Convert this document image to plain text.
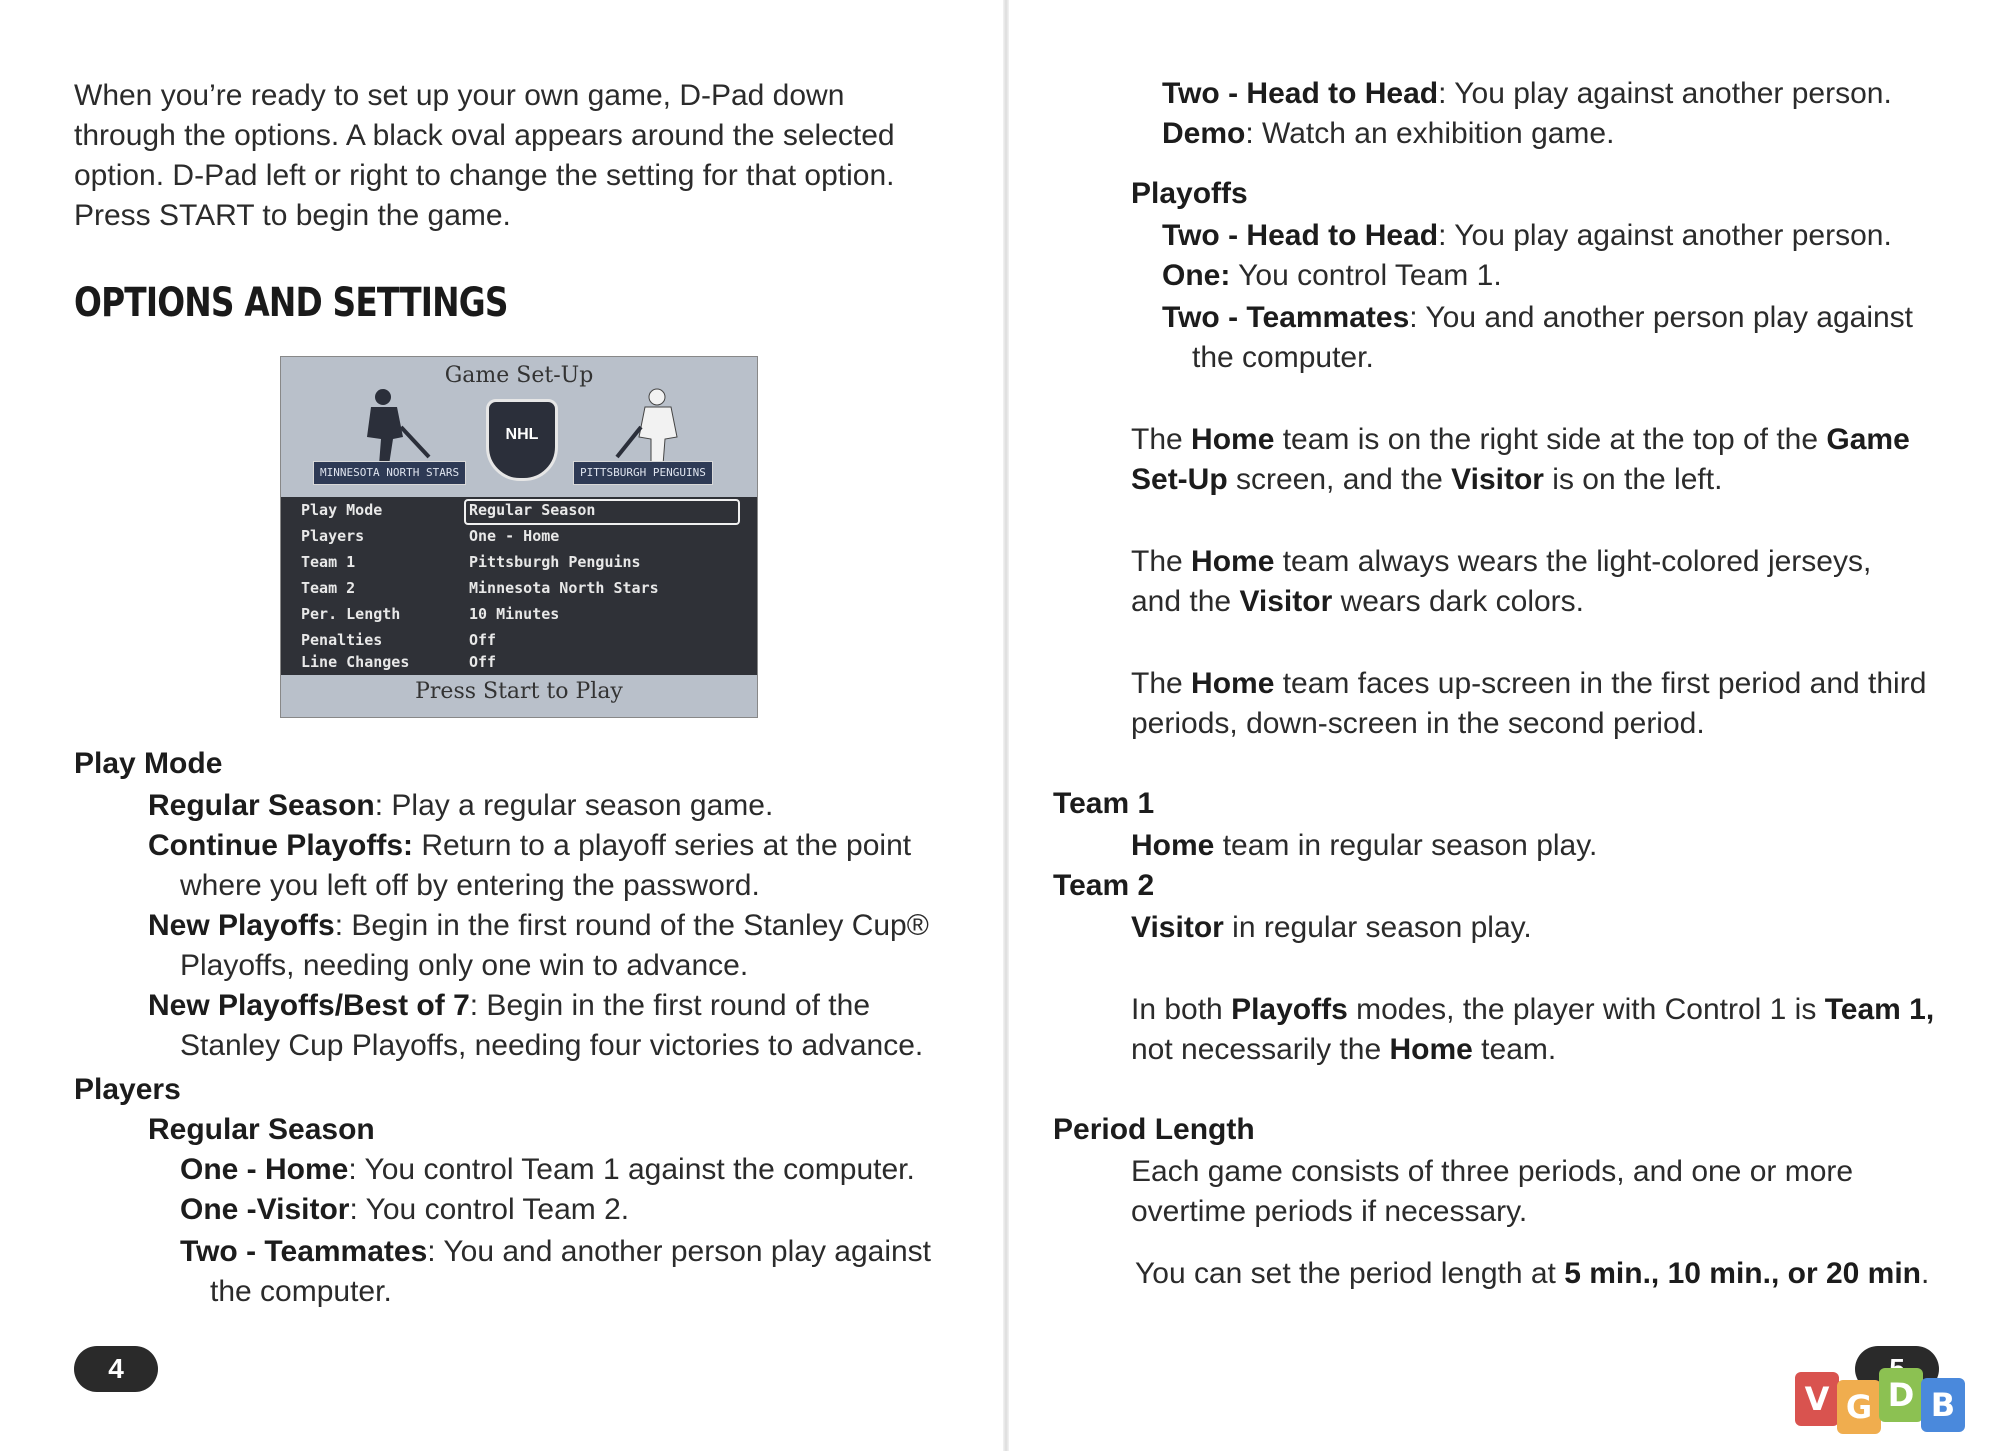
When you’re ready to set up your own game, D-Pad down through the options. A black oval appears around the selected option. D-Pad left or right to change the setting for that option. Press START to begin the game.
OPTIONS AND SETTINGS
Game Set-Up
NHL
MINNESOTA NORTH STARS	PITTSBURGH PENGUINS
Play Mode	Regular Season
Players	One - Home
Team 1	Pittsburgh Penguins
Team 2	Minnesota North Stars
Per. Length	10 Minutes
Penalties	Off
Line Changes	Off
Press Start to Play
Play Mode
Regular Season: Play a regular season game.
Continue Playoffs: Return to a playoff series at the point
where you left off by entering the password.
New Playoffs: Begin in the first round of the Stanley Cup®
Playoffs, needing only one win to advance.
New Playoffs/Best of 7: Begin in the first round of the
Stanley Cup Playoffs, needing four victories to advance.
Players
Regular Season
One - Home: You control Team 1 against the computer.
One -Visitor: You control Team 2.
Two - Teammates: You and another person play against
the computer.
4
Two - Head to Head: You play against another person.
Demo: Watch an exhibition game.
Playoffs
Two - Head to Head: You play against another person.
One: You control Team 1.
Two - Teammates: You and another person play against
the computer.
The Home team is on the right side at the top of the Game
Set-Up screen, and the Visitor is on the left.
The Home team always wears the light-colored jerseys,
and the Visitor wears dark colors.
The Home team faces up-screen in the first period and third
periods, down-screen in the second period.
Team 1
Home team in regular season play.
Team 2
Visitor in regular season play.
In both Playoffs modes, the player with Control 1 is Team 1,
not necessarily the Home team.
Period Length
Each game consists of three periods, and one or more
overtime periods if necessary.
You can set the period length at 5 min., 10 min., or 20 min.
V G D B
